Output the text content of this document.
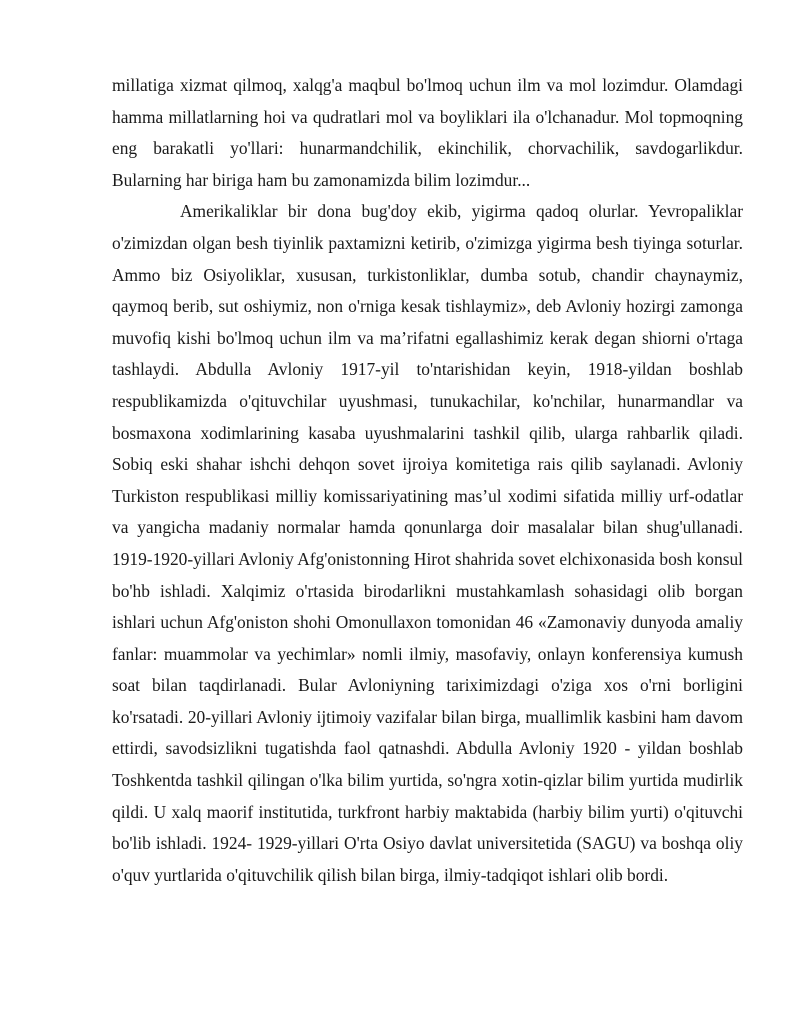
millatiga xizmat qilmoq, xalqg'a maqbul bo'lmoq uchun ilm va mol lozimdur. Olamdagi hamma millatlarning hoi va qudratlari mol va boyliklari ila o'lchanadur. Mol topmoqning eng barakatli yo'llari: hunarmandchilik, ekinchilik, chorvachilik, savdogarlikdur. Bularning har biriga ham bu zamonamizda bilim lozimdur...

Amerikaliklar bir dona bug'doy ekib, yigirma qadoq olurlar. Yevropaliklar o'zimizdan olgan besh tiyinlik paxtamizni ketirib, o'zimizga yigirma besh tiyinga soturlar. Ammo biz Osiyoliklar, xususan, turkistonliklar, dumba sotub, chandir chaynaymiz, qaymoq berib, sut oshiymiz, non o'rniga kesak tishlaymiz», deb Avloniy hozirgi zamonga muvofiq kishi bo'lmoq uchun ilm va ma’rifatni egallashimiz kerak degan shiorni o'rtaga tashlaydi. Abdulla Avloniy 1917-yil to'ntarishidan keyin, 1918-yildan boshlab respublikamizda o'qituvchilar uyushmasi, tunukachilar, ko'nchilar, hunarmandlar va bosmaxona xodimlarining kasaba uyushmalarini tashkil qilib, ularga rahbarlik qiladi. Sobiq eski shahar ishchi dehqon sovet ijroiya komitetiga rais qilib saylanadi. Avloniy Turkiston respublikasi milliy komissariyatining mas’ul xodimi sifatida milliy urf-odatlar va yangicha madaniy normalar hamda qonunlarga doir masalalar bilan shug'ullanadi. 1919-1920-yillari Avloniy Afg'onistonning Hirot shahrida sovet elchixonasida bosh konsul bo'hb ishladi. Xalqimiz o'rtasida birodarlikni mustahkamlash sohasidagi olib borgan ishlari uchun Afg'oniston shohi Omonullaxon tomonidan 46 «Zamonaviy dunyoda amaliy fanlar: muammolar va yechimlar» nomli ilmiy, masofaviy, onlayn konferensiya kumush soat bilan taqdirlanadi. Bular Avloniyning tariximizdagi o'ziga xos o'rni borligini ko'rsatadi. 20-yillari Avloniy ijtimoiy vazifalar bilan birga, muallimlik kasbini ham davom ettirdi, savodsizlikni tugatishda faol qatnashdi. Abdulla Avloniy 1920 - yildan boshlab Toshkentda tashkil qilingan o'lka bilim yurtida, so'ngra xotin-qizlar bilim yurtida mudirlik qildi. U xalq maorif institutida, turkfront harbiy maktabida (harbiy bilim yurti) o'qituvchi bo'lib ishladi. 1924- 1929-yillari O'rta Osiyo davlat universitetida (SAGU) va boshqa oliy o'quv yurtlarida o'qituvchilik qilish bilan birga, ilmiy-tadqiqot ishlari olib bordi.
